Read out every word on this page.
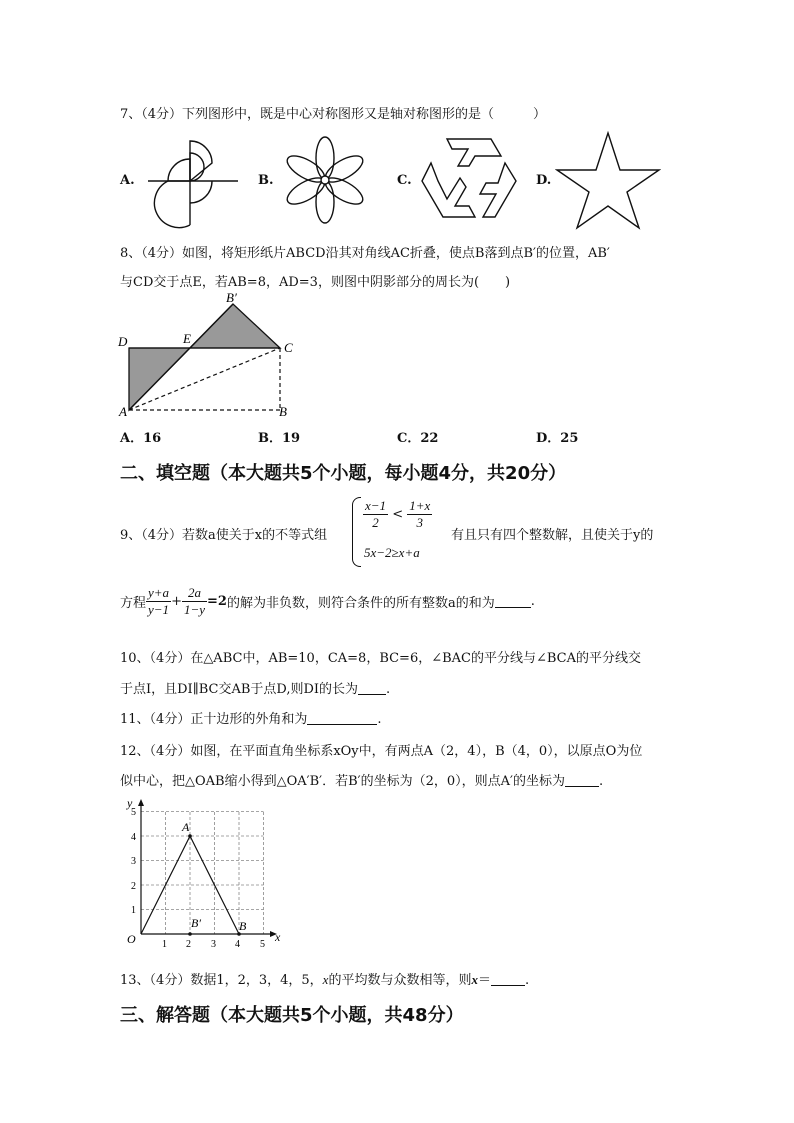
7、（4分）下列图形中，既是中心对称图形又是轴对称图形的是（　　　）
A.	B.	C.	D.
8、（4分）如图，将矩形纸片ABCD沿其对角线AC折叠，使点B落到点B′的位置，AB′
与CD交于点E，若AB=8，AD=3，则图中阴影部分的周长为(　　)
B′
D	E
C
A	B
A．16	B．19	C．22	D．25
二、填空题（本大题共5个小题，每小题4分，共20分）
9、（4分）若数a使关于x的不等式组
$\frac{x-1}{2} < \frac{1+x}{3}$
5x−2≥x+a
有且只有四个整数解，且使关于y的
方程 $\frac{y+a}{y-1} + \frac{2a}{1-y} =2$的解为非负数，则符合条件的所有整数a的和为	.
10、（4分）在△ABC中，AB=10，CA=8，BC=6，∠BAC的平分线与∠BCA的平分线交
于点I，且DI∥BC交AB于点D,则DI的长为 .
11、（4分）正十边形的外角和为	.
12、（4分）如图，在平面直角坐标系xOy中，有两点A（2，4），B（4，0），以原点O为位
似中心，把△OAB缩小得到△OA′B′．若B′的坐标为（2，0），则点A′的坐标为	.
x
y
O	1 2 3 4 5
1
2
3
4
5
A
B
B′
13、（4分）数据1，2，3，4，5，x的平均数与众数相等，则x＝	.
三、解答题（本大题共5个小题，共48分）
